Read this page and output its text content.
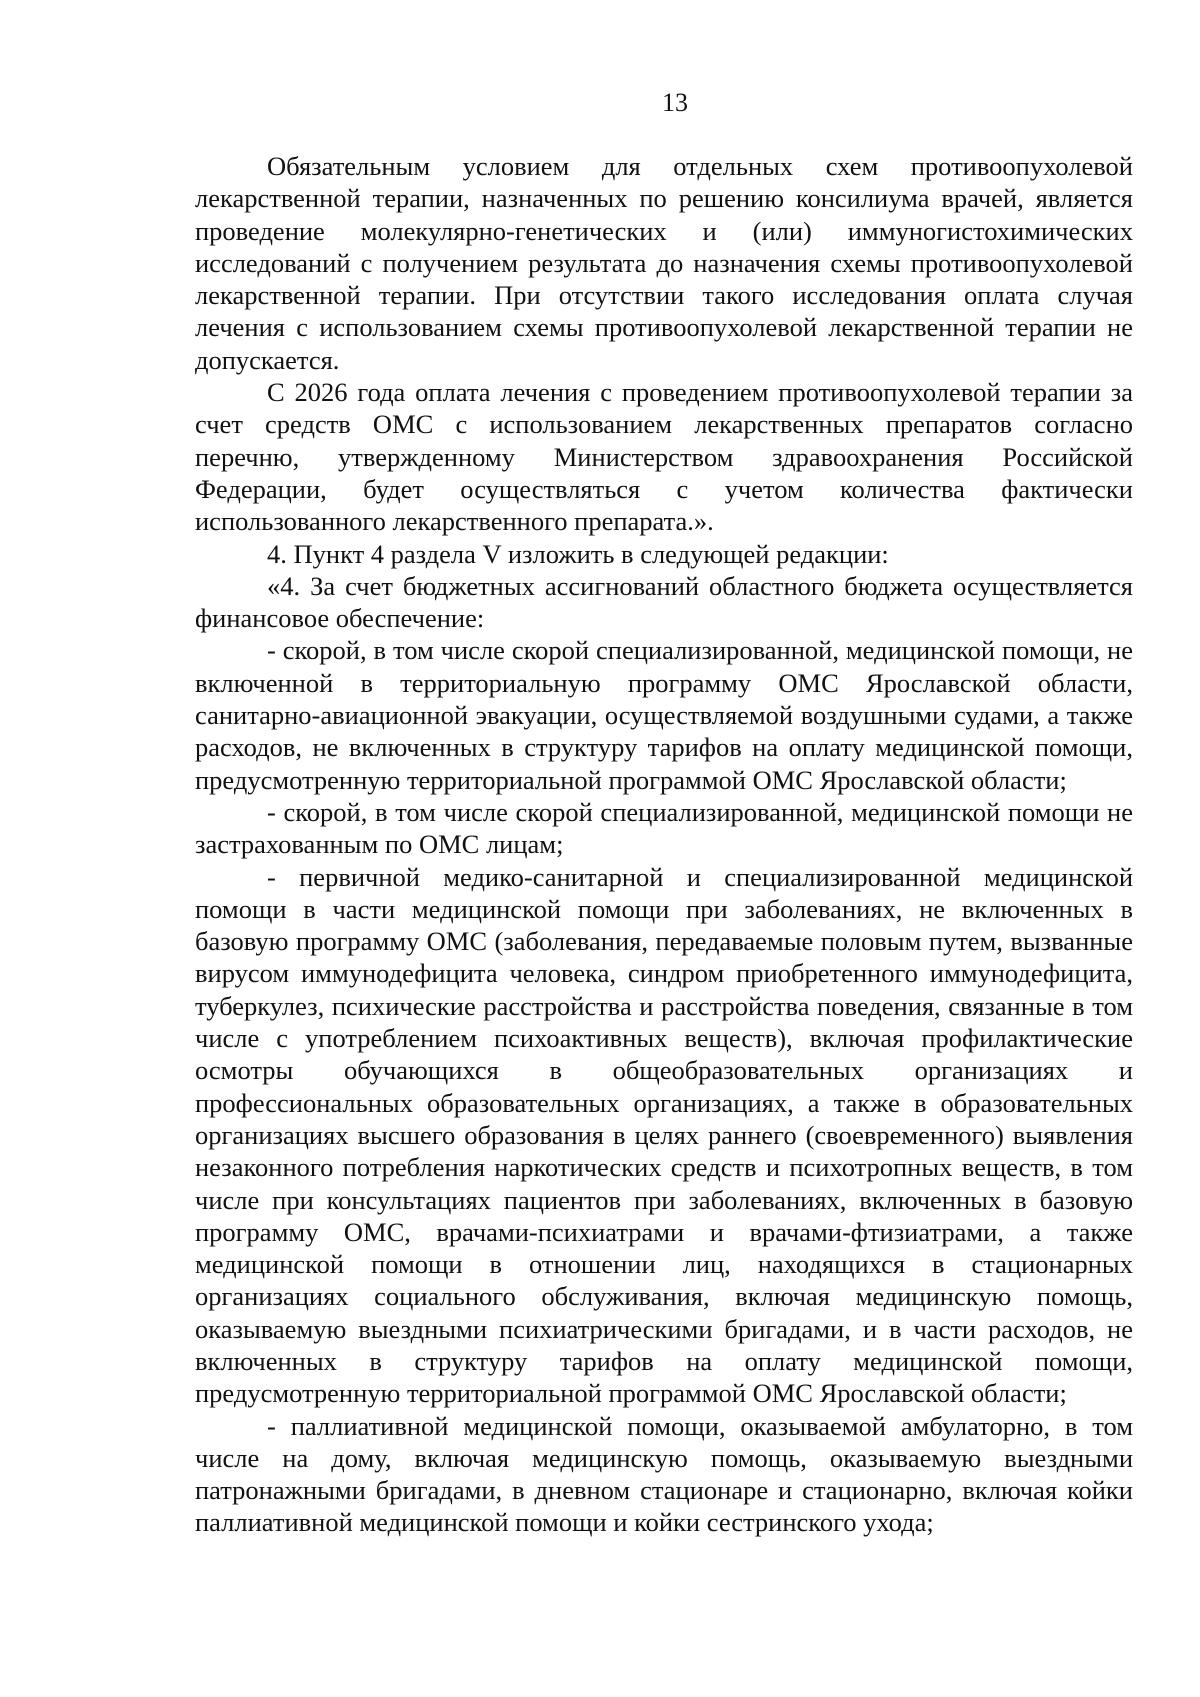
13

Обязательным условием для отдельных схем противоопухолевой лекарственной терапии, назначенных по решению консилиума врачей, является проведение молекулярно-генетических и (или) иммуногистохимических исследований с получением результата до назначения схемы противоопухолевой лекарственной терапии. При отсутствии такого исследования оплата случая лечения с использованием схемы противоопухолевой лекарственной терапии не допускается.

С 2026 года оплата лечения с проведением противоопухолевой терапии за счет средств ОМС с использованием лекарственных препаратов согласно перечню, утвержденному Министерством здравоохранения Российской Федерации, будет осуществляться с учетом количества фактически использованного лекарственного препарата.».

4. Пункт 4 раздела V изложить в следующей редакции:

«4. За счет бюджетных ассигнований областного бюджета осуществляется финансовое обеспечение:

- скорой, в том числе скорой специализированной, медицинской помощи, не включенной в территориальную программу ОМС Ярославской области, санитарно-авиационной эвакуации, осуществляемой воздушными судами, а также расходов, не включенных в структуру тарифов на оплату медицинской помощи, предусмотренную территориальной программой ОМС Ярославской области;

- скорой, в том числе скорой специализированной, медицинской помощи не застрахованным по ОМС лицам;

- первичной медико-санитарной и специализированной медицинской помощи в части медицинской помощи при заболеваниях, не включенных в базовую программу ОМС (заболевания, передаваемые половым путем, вызванные вирусом иммунодефицита человека, синдром приобретенного иммунодефицита, туберкулез, психические расстройства и расстройства поведения, связанные в том числе с употреблением психоактивных веществ), включая профилактические осмотры обучающихся в общеобразовательных организациях и профессиональных образовательных организациях, а также в образовательных организациях высшего образования в целях раннего (своевременного) выявления незаконного потребления наркотических средств и психотропных веществ, в том числе при консультациях пациентов при заболеваниях, включенных в базовую программу ОМС, врачами-психиатрами и врачами-фтизиатрами, а также медицинской помощи в отношении лиц, находящихся в стационарных организациях социального обслуживания, включая медицинскую помощь, оказываемую выездными психиатрическими бригадами, и в части расходов, не включенных в структуру тарифов на оплату медицинской помощи, предусмотренную территориальной программой ОМС Ярославской области;

- паллиативной медицинской помощи, оказываемой амбулаторно, в том числе на дому, включая медицинскую помощь, оказываемую выездными патронажными бригадами, в дневном стационаре и стационарно, включая койки паллиативной медицинской помощи и койки сестринского ухода;
